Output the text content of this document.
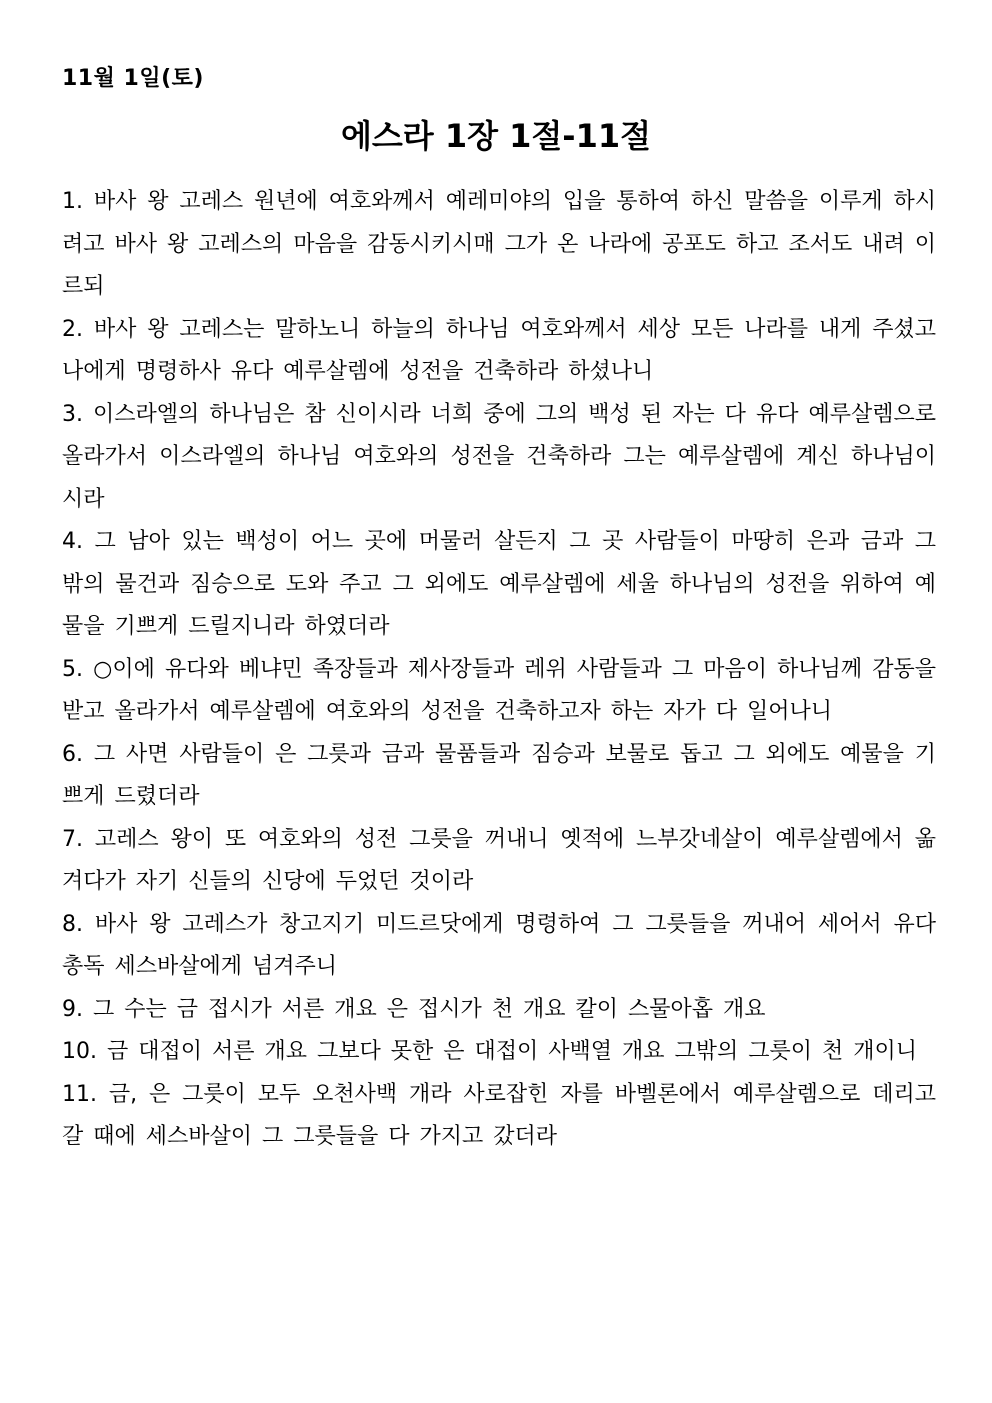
11월 1일(토)
에스라 1장 1절-11절

1. 바사 왕 고레스 원년에 여호와께서 예레미야의 입을 통하여 하신 말씀을 이루게 하시려고 바사 왕 고레스의 마음을 감동시키시매 그가 온 나라에 공포도 하고 조서도 내려 이르되

2. 바사 왕 고레스는 말하노니 하늘의 하나님 여호와께서 세상 모든 나라를 내게 주셨고 나에게 명령하사 유다 예루살렘에 성전을 건축하라 하셨나니

3. 이스라엘의 하나님은 참 신이시라 너희 중에 그의 백성 된 자는 다 유다 예루살렘으로 올라가서 이스라엘의 하나님 여호와의 성전을 건축하라 그는 예루살렘에 계신 하나님이시라

4. 그 남아 있는 백성이 어느 곳에 머물러 살든지 그 곳 사람들이 마땅히 은과 금과 그 밖의 물건과 짐승으로 도와 주고 그 외에도 예루살렘에 세울 하나님의 성전을 위하여 예물을 기쁘게 드릴지니라 하였더라

5. ○이에 유다와 베냐민 족장들과 제사장들과 레위 사람들과 그 마음이 하나님께 감동을 받고 올라가서 예루살렘에 여호와의 성전을 건축하고자 하는 자가 다 일어나니

6. 그 사면 사람들이 은 그릇과 금과 물품들과 짐승과 보물로 돕고 그 외에도 예물을 기쁘게 드렸더라

7. 고레스 왕이 또 여호와의 성전 그릇을 꺼내니 옛적에 느부갓네살이 예루살렘에서 옮겨다가 자기 신들의 신당에 두었던 것이라

8. 바사 왕 고레스가 창고지기 미드르닷에게 명령하여 그 그릇들을 꺼내어 세어서 유다 총독 세스바살에게 넘겨주니

9. 그 수는 금 접시가 서른 개요 은 접시가 천 개요 칼이 스물아홉 개요

10. 금 대접이 서른 개요 그보다 못한 은 대접이 사백열 개요 그밖의 그릇이 천 개이니

11. 금, 은 그릇이 모두 오천사백 개라 사로잡힌 자를 바벨론에서 예루살렘으로 데리고 갈 때에 세스바살이 그 그릇들을 다 가지고 갔더라
